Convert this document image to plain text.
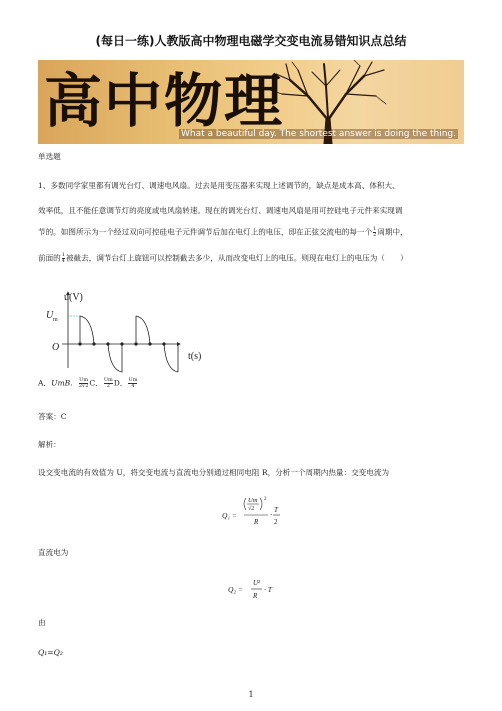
(每日一练)人教版高中物理电磁学交变电流易错知识点总结
高中物理
What a beautiful day. The shortest answer is doing the thing.
单选题
1、多数同学家里都有调光台灯、调速电风扇。过去是用变压器来实现上述调节的，缺点是成本高、体积大、
效率低，且不能任意调节灯的亮度或电风扇转速。现在的调光台灯、调速电风扇是用可控硅电子元件来实现调
节的。如图所示为一个经过双向可控硅电子元件调节后加在电灯上的电压，即在正弦交流电的每一个 $\frac{1}{2}$ 周期中，
前面的 $\frac{1}{4}$ 被截去，调节台灯上旋钮可以控制截去多少，从而改变电灯上的电压。则现在电灯上的电压为（　　）
u(V)
U m
O
t(s)
A．UmB． $\frac{Um}{2√2}$ C． $\frac{Um}{2}$ D． $\frac{Um}{4}$
答案：C
解析：
设交变电流的有效值为 U，将交变电流与直流电分别通过相同电阻 R，分析一个周期内热量：交变电流为
Q₁ =
Um
√2
2
R
·
T
2
直流电为
Q₂ =
U²
R
· T
由
Q₁=Q₂
1
